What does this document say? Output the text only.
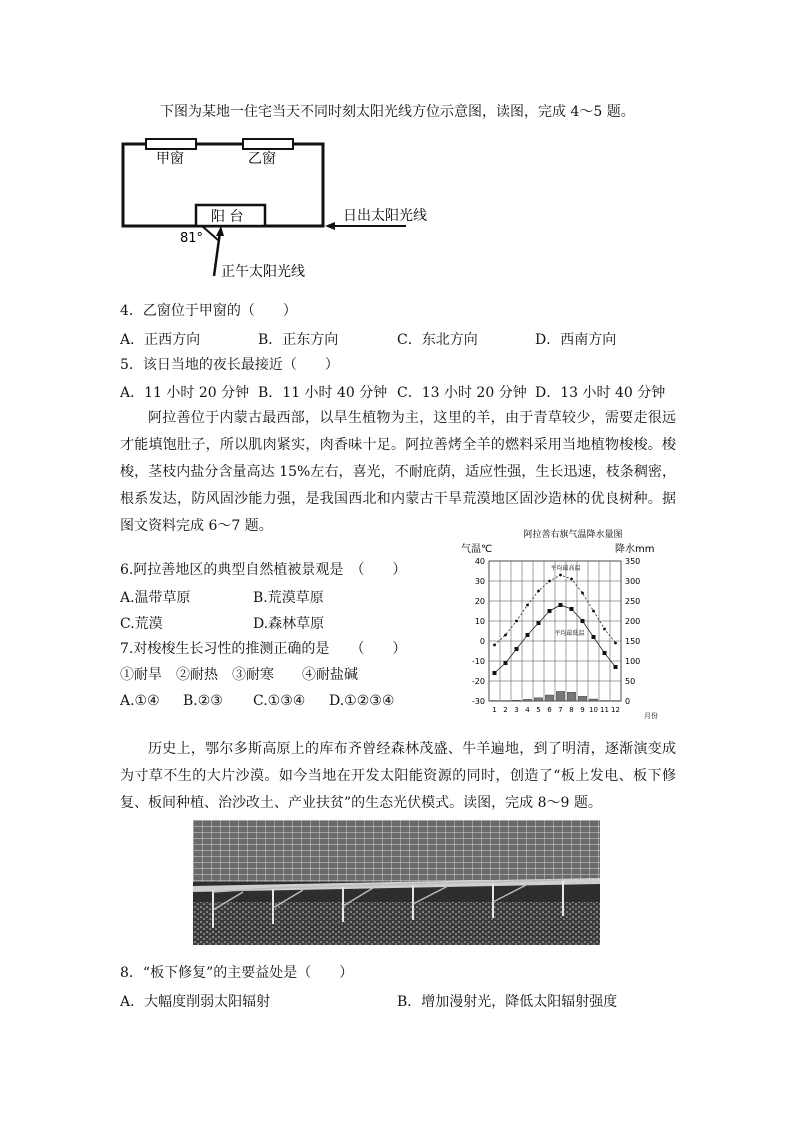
下图为某地一住宅当天不同时刻太阳光线方位示意图，读图，完成 4～5 题。
甲窗	乙窗
阳 台	日出太阳光线
81°
正午太阳光线
4．乙窗位于甲窗的（　　）
A．正西方向	B．正东方向	C．东北方向	D．西南方向
5．该日当地的夜长最接近（　　）
A．11 小时 20 分钟 B．11 小时 40 分钟 C．13 小时 20 分钟 D．13 小时 40 分钟
阿拉善位于内蒙古最西部，以旱生植物为主，这里的羊，由于青草较少，需要走很远才能填饱肚子，所以肌肉紧实，肉香味十足。阿拉善烤全羊的燃料采用当地植物梭梭。梭梭，茎枝内盐分含量高达 15%左右，喜光，不耐庇荫，适应性强，生长迅速，枝条稠密，根系发达，防风固沙能力强，是我国西北和内蒙古干旱荒漠地区固沙造林的优良树种。据图文资料完成 6～7 题。
6.阿拉善地区的典型自然植被景观是　（　　）
A.温带草原	B.荒漠草原
C.荒漠	D.森林草原
7.对梭梭生长习性的推测正确的是　　（　　）
①耐旱　②耐热　③耐寒　　④耐盐碱
A.①④ B.②③ C.①③④ D.①②③④
阿拉善右旗气温降水量图
气温℃	降水mm
40
30
20
10
0
-10
-20
-30
350
300
250
200
150
100
50
0
1 2 3 4 5 6 7 8 9 10 11 12
平均最高温
平均最低温
月份
历史上，鄂尔多斯高原上的库布齐曾经森林茂盛、牛羊遍地，到了明清，逐渐演变成为寸草不生的大片沙漠。如今当地在开发太阳能资源的同时，创造了“板上发电、板下修复、板间种植、治沙改土、产业扶贫”的生态光伏模式。读图，完成 8～9 题。
8．“板下修复”的主要益处是（　　）
A．大幅度削弱太阳辐射	B．增加漫射光，降低太阳辐射强度
